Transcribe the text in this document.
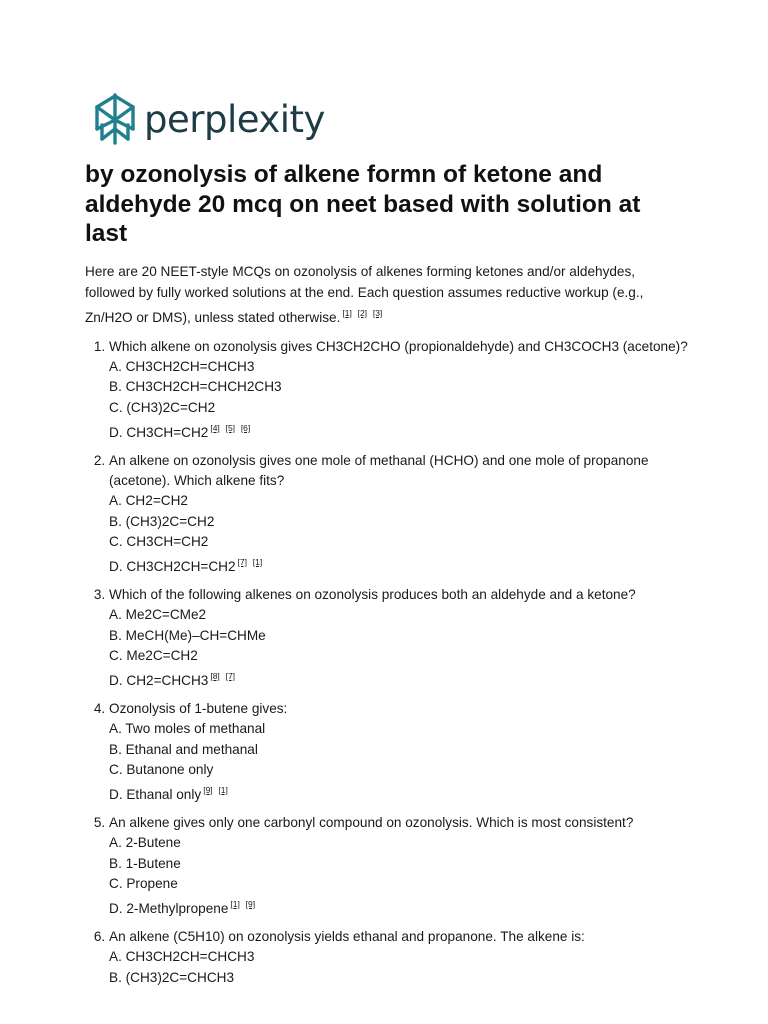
perplexity
by ozonolysis of alkene formn of ketone and aldehyde 20 mcq on neet based with solution at last

Here are 20 NEET-style MCQs on ozonolysis of alkenes forming ketones and/or aldehydes, followed by fully worked solutions at the end. Each question assumes reductive workup (e.g., Zn/H2O or DMS), unless stated otherwise. [1] [2] [3]

1. Which alkene on ozonolysis gives CH3CH2CHO (propionaldehyde) and CH3COCH3 (acetone)?
A. CH3CH2CH=CHCH3
B. CH3CH2CH=CHCH2CH3
C. (CH3)2C=CH2
D. CH3CH=CH2 [4] [5] [6]
2. An alkene on ozonolysis gives one mole of methanal (HCHO) and one mole of propanone (acetone). Which alkene fits?
A. CH2=CH2
B. (CH3)2C=CH2
C. CH3CH=CH2
D. CH3CH2CH=CH2 [7] [1]
3. Which of the following alkenes on ozonolysis produces both an aldehyde and a ketone?
A. Me2C=CMe2
B. MeCH(Me)–CH=CHMe
C. Me2C=CH2
D. CH2=CHCH3 [8] [7]
4. Ozonolysis of 1-butene gives:
A. Two moles of methanal
B. Ethanal and methanal
C. Butanone only
D. Ethanal only [9] [1]
5. An alkene gives only one carbonyl compound on ozonolysis. Which is most consistent?
A. 2-Butene
B. 1-Butene
C. Propene
D. 2-Methylpropene [1] [9]
6. An alkene (C5H10) on ozonolysis yields ethanal and propanone. The alkene is:
A. CH3CH2CH=CHCH3
B. (CH3)2C=CHCH3
